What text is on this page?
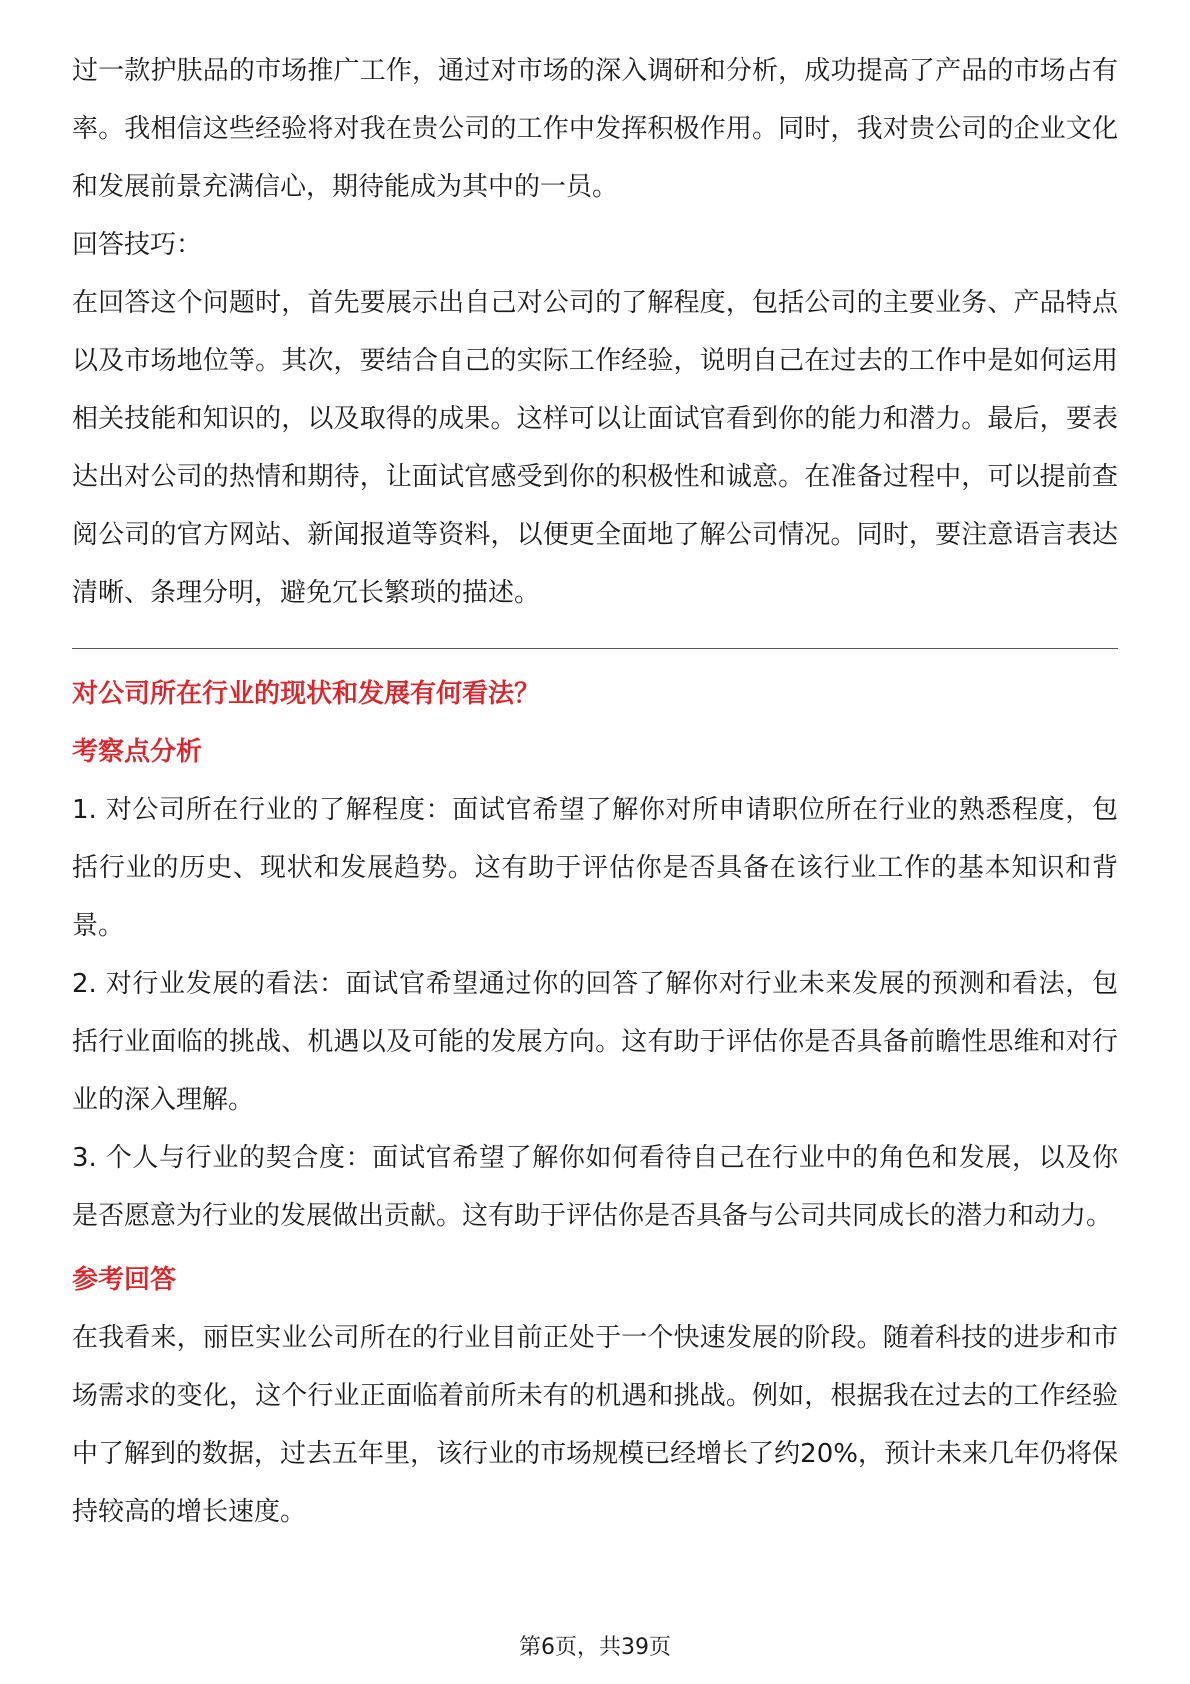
过一款护肤品的市场推广工作，通过对市场的深入调研和分析，成功提高了产品的市场占有率。我相信这些经验将对我在贵公司的工作中发挥积极作用。同时，我对贵公司的企业文化和发展前景充满信心，期待能成为其中的一员。

回答技巧：

在回答这个问题时，首先要展示出自己对公司的了解程度，包括公司的主要业务、产品特点以及市场地位等。其次，要结合自己的实际工作经验，说明自己在过去的工作中是如何运用相关技能和知识的，以及取得的成果。这样可以让面试官看到你的能力和潜力。最后，要表达出对公司的热情和期待，让面试官感受到你的积极性和诚意。在准备过程中，可以提前查阅公司的官方网站、新闻报道等资料，以便更全面地了解公司情况。同时，要注意语言表达清晰、条理分明，避免冗长繁琐的描述。

对公司所在行业的现状和发展有何看法？

考察点分析

1. 对公司所在行业的了解程度：面试官希望了解你对所申请职位所在行业的熟悉程度，包括行业的历史、现状和发展趋势。这有助于评估你是否具备在该行业工作的基本知识和背景。

2. 对行业发展的看法：面试官希望通过你的回答了解你对行业未来发展的预测和看法，包括行业面临的挑战、机遇以及可能的发展方向。这有助于评估你是否具备前瞻性思维和对行业的深入理解。

3. 个人与行业的契合度：面试官希望了解你如何看待自己在行业中的角色和发展，以及你是否愿意为行业的发展做出贡献。这有助于评估你是否具备与公司共同成长的潜力和动力。

参考回答

在我看来，丽臣实业公司所在的行业目前正处于一个快速发展的阶段。随着科技的进步和市场需求的变化，这个行业正面临着前所未有的机遇和挑战。例如，根据我在过去的工作经验中了解到的数据，过去五年里，该行业的市场规模已经增长了约20%，预计未来几年仍将保持较高的增长速度。

第6页，共39页
